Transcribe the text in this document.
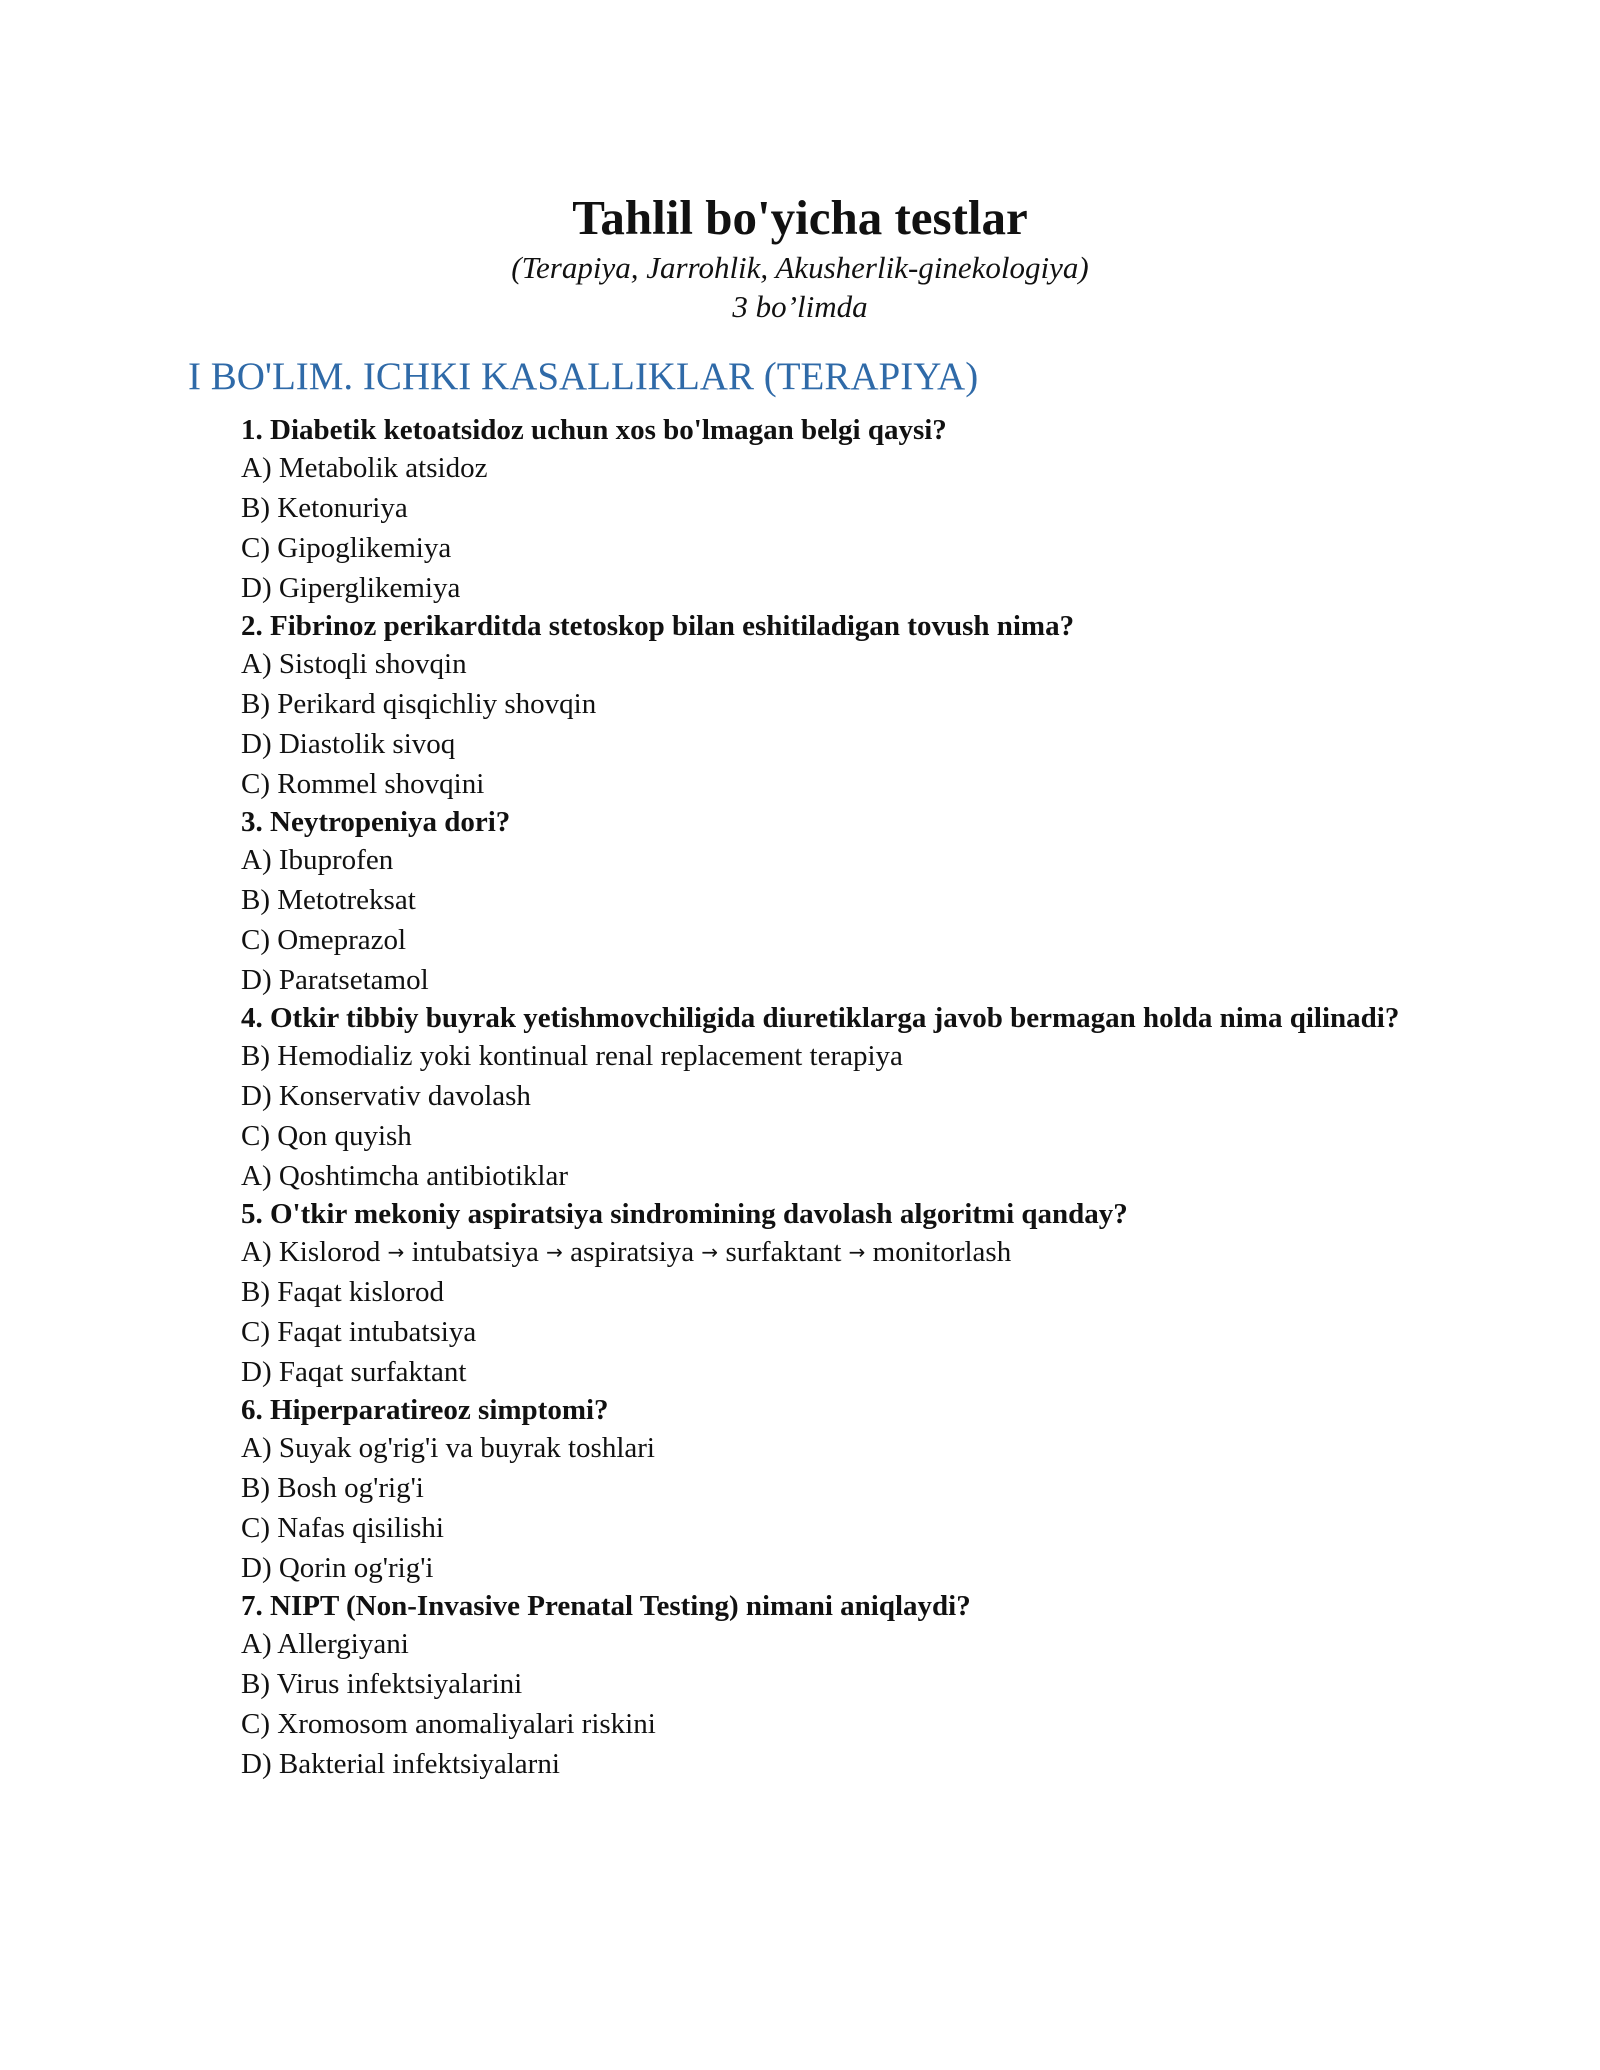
Tahlil bo'yicha testlar

(Terapiya, Jarrohlik, Akusherlik-ginekologiya)

3 bo’limda

I BO'LIM. ICHKI KASALLIKLAR (TERAPIYA)

1. Diabetik ketoatsidoz uchun xos bo'lmagan belgi qaysi?

A) Metabolik atsidoz

B) Ketonuriya

C) Gipoglikemiya

D) Giperglikemiya

2. Fibrinoz perikarditda stetoskop bilan eshitiladigan tovush nima?

A) Sistoqli shovqin

B) Perikard qisqichliy shovqin

D) Diastolik sivoq

C) Rommel shovqini

3. Neytropeniya dori?

A) Ibuprofen

B) Metotreksat

C) Omeprazol

D) Paratsetamol

4. Otkir tibbiy buyrak yetishmovchiligida diuretiklarga javob bermagan holda nima qilinadi?

B) Hemodializ yoki kontinual renal replacement terapiya

D) Konservativ davolash

C) Qon quyish

A) Qoshtimcha antibiotiklar

5. O'tkir mekoniy aspiratsiya sindromining davolash algoritmi qanday?

A) Kislorod → intubatsiya → aspiratsiya → surfaktant → monitorlash

B) Faqat kislorod

C) Faqat intubatsiya

D) Faqat surfaktant

6. Hiperparatireoz simptomi?

A) Suyak og'rig'i va buyrak toshlari

B) Bosh og'rig'i

C) Nafas qisilishi

D) Qorin og'rig'i

7. NIPT (Non-Invasive Prenatal Testing) nimani aniqlaydi?

A) Allergiyani

B) Virus infektsiyalarini

C) Xromosom anomaliyalari riskini

D) Bakterial infektsiyalarni
